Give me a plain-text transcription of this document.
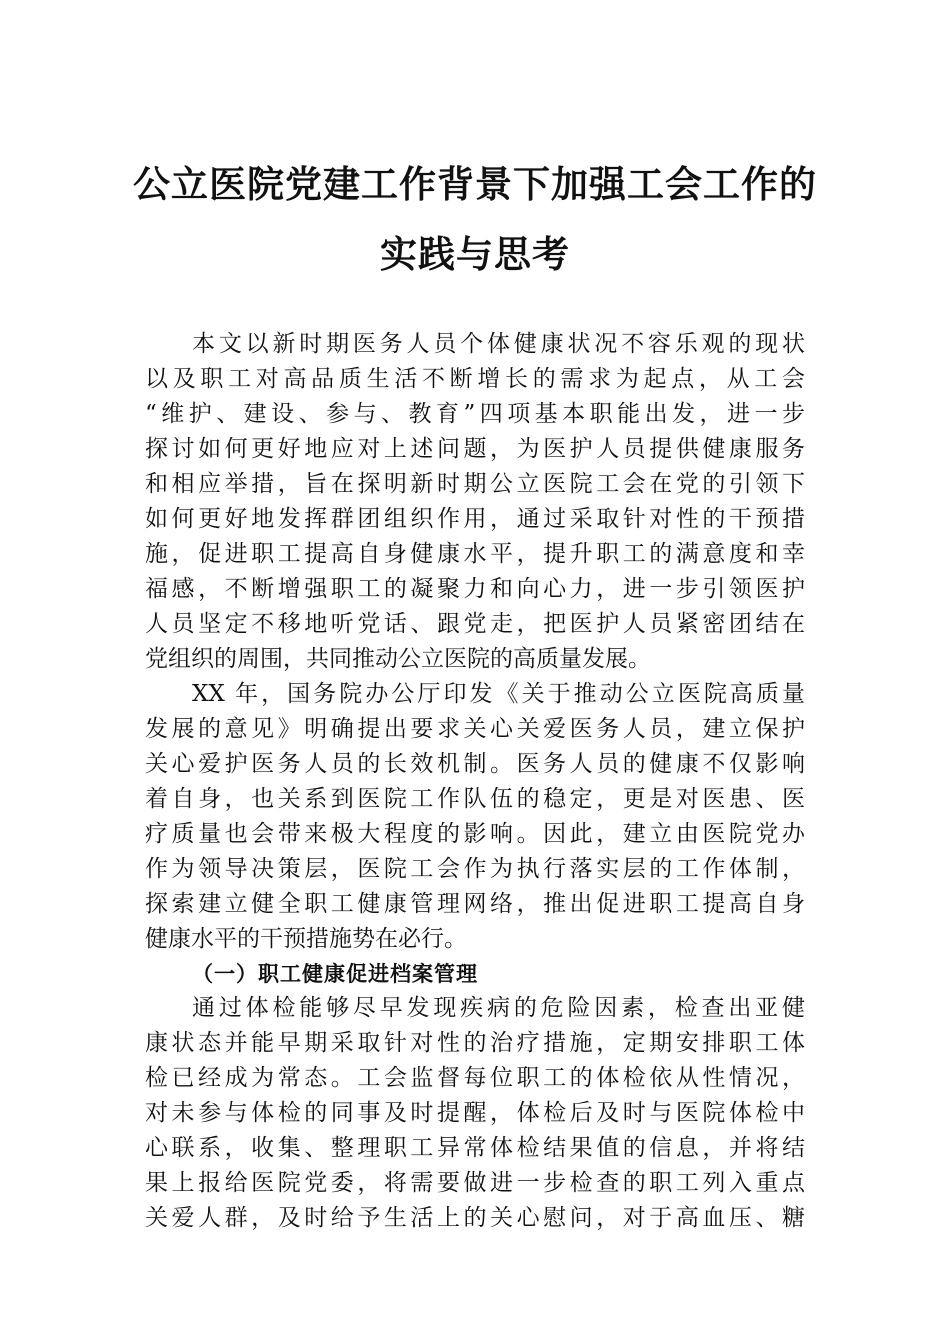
公立医院党建工作背景下加强工会工作的
实践与思考
本文以新时期医务人员个体健康状况不容乐观的现状
以及职工对高品质生活不断增长的需求为起点，从工会
“维护、建设、参与、教育”四项基本职能出发，进一步
探讨如何更好地应对上述问题，为医护人员提供健康服务
和相应举措，旨在探明新时期公立医院工会在党的引领下
如何更好地发挥群团组织作用，通过采取针对性的干预措
施，促进职工提高自身健康水平，提升职工的满意度和幸
福感，不断增强职工的凝聚力和向心力，进一步引领医护
人员坚定不移地听党话、跟党走，把医护人员紧密团结在
党组织的周围，共同推动公立医院的高质量发展。
XX 年，国务院办公厅印发《关于推动公立医院高质量
发展的意见》明确提出要求关心关爱医务人员，建立保护
关心爱护医务人员的长效机制。医务人员的健康不仅影响
着自身，也关系到医院工作队伍的稳定，更是对医患、医
疗质量也会带来极大程度的影响。因此，建立由医院党办
作为领导决策层，医院工会作为执行落实层的工作体制，
探索建立健全职工健康管理网络，推出促进职工提高自身
健康水平的干预措施势在必行。
（一）职工健康促进档案管理
通过体检能够尽早发现疾病的危险因素，检查出亚健
康状态并能早期采取针对性的治疗措施，定期安排职工体
检已经成为常态。工会监督每位职工的体检依从性情况，
对未参与体检的同事及时提醒，体检后及时与医院体检中
心联系，收集、整理职工异常体检结果值的信息，并将结
果上报给医院党委，将需要做进一步检查的职工列入重点
关爱人群，及时给予生活上的关心慰问，对于高血压、糖
